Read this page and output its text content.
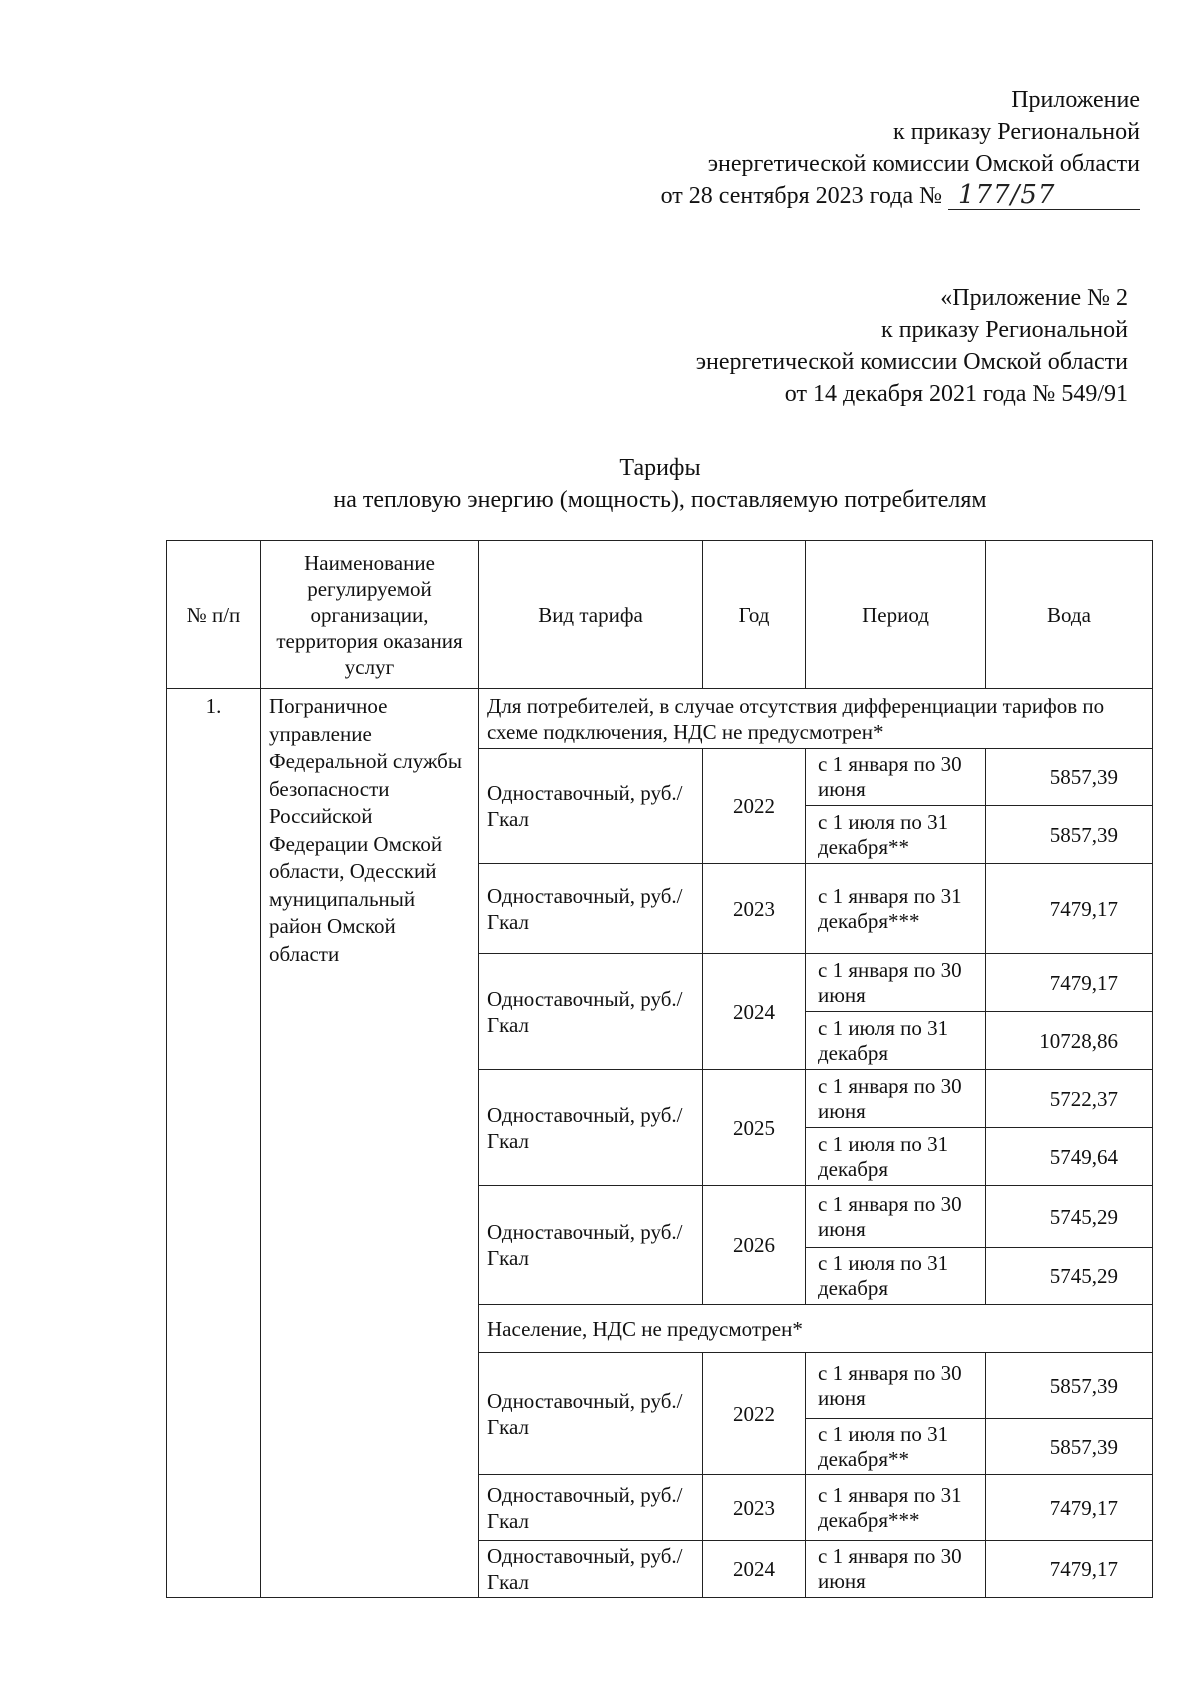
Приложение
к приказу Региональной
энергетической комиссии Омской области
от 28 сентября 2023 года № 177/57
«Приложение № 2
к приказу Региональной
энергетической комиссии Омской области
от 14 декабря 2021 года № 549/91
Тарифы
на тепловую энергию (мощность), поставляемую потребителям
№ п/п	Наименование регулируемой организации, территория оказания услуг	Вид тарифа	Год	Период	Вода
1.	Пограничное управление Федеральной службы безопасности Российской Федерации Омской области, Одесский муниципальный район Омской области	Для потребителей, в случае отсутствия дифференциации тарифов по схеме подключения, НДС не предусмотрен*			
		Одноставочный, руб./Гкал	2022	с 1 января по 30 июня	5857,39
				с 1 июля по 31 декабря**	5857,39
		Одноставочный, руб./Гкал	2023	с 1 января по 31 декабря***	7479,17
		Одноставочный, руб./Гкал	2024	с 1 января по 30 июня	7479,17
				с 1 июля по 31 декабря	10728,86
		Одноставочный, руб./Гкал	2025	с 1 января по 30 июня	5722,37
				с 1 июля по 31 декабря	5749,64
		Одноставочный, руб./Гкал	2026	с 1 января по 30 июня	5745,29
				с 1 июля по 31 декабря	5745,29
		Население, НДС не предусмотрен*			
		Одноставочный, руб./Гкал	2022	с 1 января по 30 июня	5857,39
				с 1 июля по 31 декабря**	5857,39
		Одноставочный, руб./Гкал	2023	с 1 января по 31 декабря***	7479,17
		Одноставочный, руб./Гкал	2024	с 1 января по 30 июня	7479,17
